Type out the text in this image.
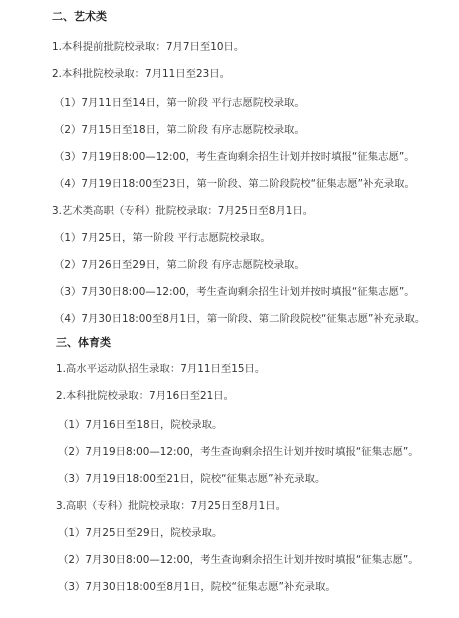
二、艺术类
1.本科提前批院校录取：7月7日至10日。
2.本科批院校录取：7月11日至23日。
（1）7月11日至14日，第一阶段 平行志愿院校录取。
（2）7月15日至18日，第二阶段 有序志愿院校录取。
（3）7月19日8:00—12:00，考生查询剩余招生计划并按时填报“征集志愿”。
（4）7月19日18:00至23日，第一阶段、第二阶段院校“征集志愿”补充录取。
3.艺术类高职（专科）批院校录取：7月25日至8月1日。
（1）7月25日，第一阶段 平行志愿院校录取。
（2）7月26日至29日，第二阶段 有序志愿院校录取。
（3）7月30日8:00—12:00，考生查询剩余招生计划并按时填报“征集志愿”。
（4）7月30日18:00至8月1日，第一阶段、第二阶段院校“征集志愿”补充录取。
三、体育类
1.高水平运动队招生录取：7月11日至15日。
2.本科批院校录取：7月16日至21日。
（1）7月16日至18日，院校录取。
（2）7月19日8:00—12:00，考生查询剩余招生计划并按时填报“征集志愿”。
（3）7月19日18:00至21日，院校“征集志愿”补充录取。
3.高职（专科）批院校录取：7月25日至8月1日。
（1）7月25日至29日，院校录取。
（2）7月30日8:00—12:00，考生查询剩余招生计划并按时填报“征集志愿”。
（3）7月30日18:00至8月1日，院校“征集志愿”补充录取。
